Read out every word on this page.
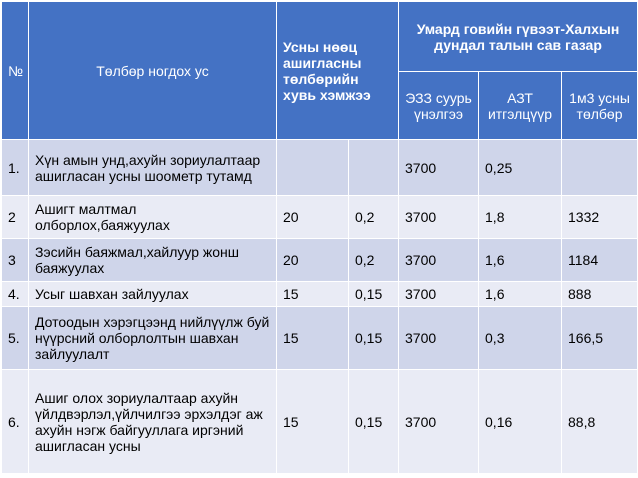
№	Төлбөр ногдох ус	Усны нөөц ашигласны төлбөрийн хувь хэмжээ		Умард говийн гүвээт-Халхын дундал талын сав газар		
				ЭЗЗ суурь үнэлгээ	АЗТ итгэлцүүр	1м3 усны төлбөр
1.	Хүн амын унд,ахуйн зориулалтаар ашигласан усны шоометр тутамд			3700	0,25	
2	Ашигт малтмал олборлох,баяжуулах	20	0,2	3700	1,8	1332
3	Зэсийн баяжмал,хайлуур жонш баяжуулах	20	0,2	3700	1,6	1184
4.	Усыг шавхан зайлуулах	15	0,15	3700	1,6	888
5.	Дотоодын хэрэгцээнд нийлүүлж буй нүүрсний олборлолтын шавхан зайлуулалт	15	0,15	3700	0,3	166,5
6.	Ашиг олох зориулалтаар ахуйн үйлдвэрлэл,үйлчилгээ эрхэлдэг аж ахуйн нэгж байгууллага иргэний ашигласан усны	15	0,15	3700	0,16	88,8
